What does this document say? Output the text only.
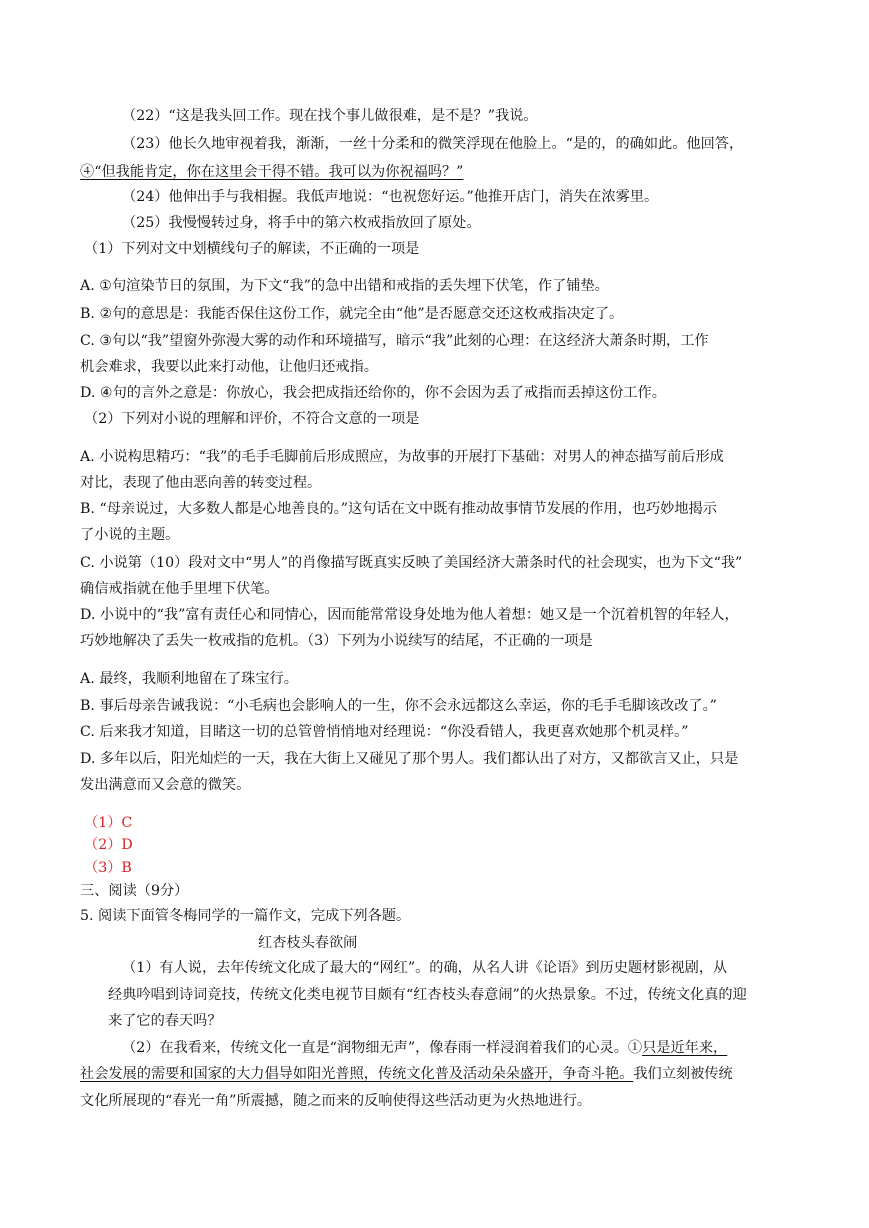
（22）“这是我头回工作。现在找个事儿做很难，是不是？”我说。
（23）他长久地审视着我，渐渐，一丝十分柔和的微笑浮现在他脸上。“是的，的确如此。他回答，
④“但我能肯定，你在这里会干得不错。我可以为你祝福吗？”
（24）他伸出手与我相握。我低声地说：“也祝您好运。”他推开店门，消失在浓雾里。
（25）我慢慢转过身，将手中的第六枚戒指放回了原处。
（1）下列对文中划横线句子的解读，不正确的一项是
A. ①句渲染节日的氛围，为下文“我”的急中出错和戒指的丢失埋下伏笔，作了铺垫。
B. ②句的意思是：我能否保住这份工作，就完全由“他”是否愿意交还这枚戒指决定了。
C. ③句以“我”望窗外弥漫大雾的动作和环境描写，暗示“我”此刻的心理：在这经济大萧条时期，工作
机会难求，我要以此来打动他，让他归还戒指。
D. ④句的言外之意是：你放心，我会把成指还给你的，你不会因为丢了戒指而丢掉这份工作。
（2）下列对小说的理解和评价，不符合文意的一项是
A. 小说构思精巧：“我”的毛手毛脚前后形成照应，为故事的开展打下基础：对男人的神态描写前后形成
对比，表现了他由恶向善的转变过程。
B. “母亲说过，大多数人都是心地善良的。”这句话在文中既有推动故事情节发展的作用，也巧妙地揭示
了小说的主题。
C. 小说第（10）段对文中“男人”的肖像描写既真实反映了美国经济大萧条时代的社会现实，也为下文“我”
确信戒指就在他手里埋下伏笔。
D. 小说中的“我”富有责任心和同情心，因而能常常设身处地为他人着想：她又是一个沉着机智的年轻人，
巧妙地解决了丢失一枚戒指的危机。（3）下列为小说续写的结尾，不正确的一项是
A. 最终，我顺利地留在了珠宝行。
B. 事后母亲告诫我说：“小毛病也会影响人的一生，你不会永远都这么幸运，你的毛手毛脚该改改了。”
C. 后来我才知道，目睹这一切的总管曾悄悄地对经理说：“你没看错人，我更喜欢她那个机灵样。”
D. 多年以后，阳光灿烂的一天，我在大街上又碰见了那个男人。我们都认出了对方，又都欲言又止，只是
发出满意而又会意的微笑。
（1）C
（2）D
（3）B
三、阅读（9分）
5. 阅读下面管冬梅同学的一篇作文，完成下列各题。
红杏枝头春欲闹
（1）有人说，去年传统文化成了最大的“网红”。的确，从名人讲《论语》到历史题材影视剧，从
经典吟唱到诗词竞技，传统文化类电视节目颇有“红杏枝头春意闹”的火热景象。不过，传统文化真的迎
来了它的春天吗？
（2）在我看来，传统文化一直是“润物细无声”，像春雨一样浸润着我们的心灵。①只是近年来，
社会发展的需要和国家的大力倡导如阳光普照，传统文化普及活动朵朵盛开，争奇斗艳。我们立刻被传统
文化所展现的“春光一角”所震撼，随之而来的反响使得这些活动更为火热地进行。
